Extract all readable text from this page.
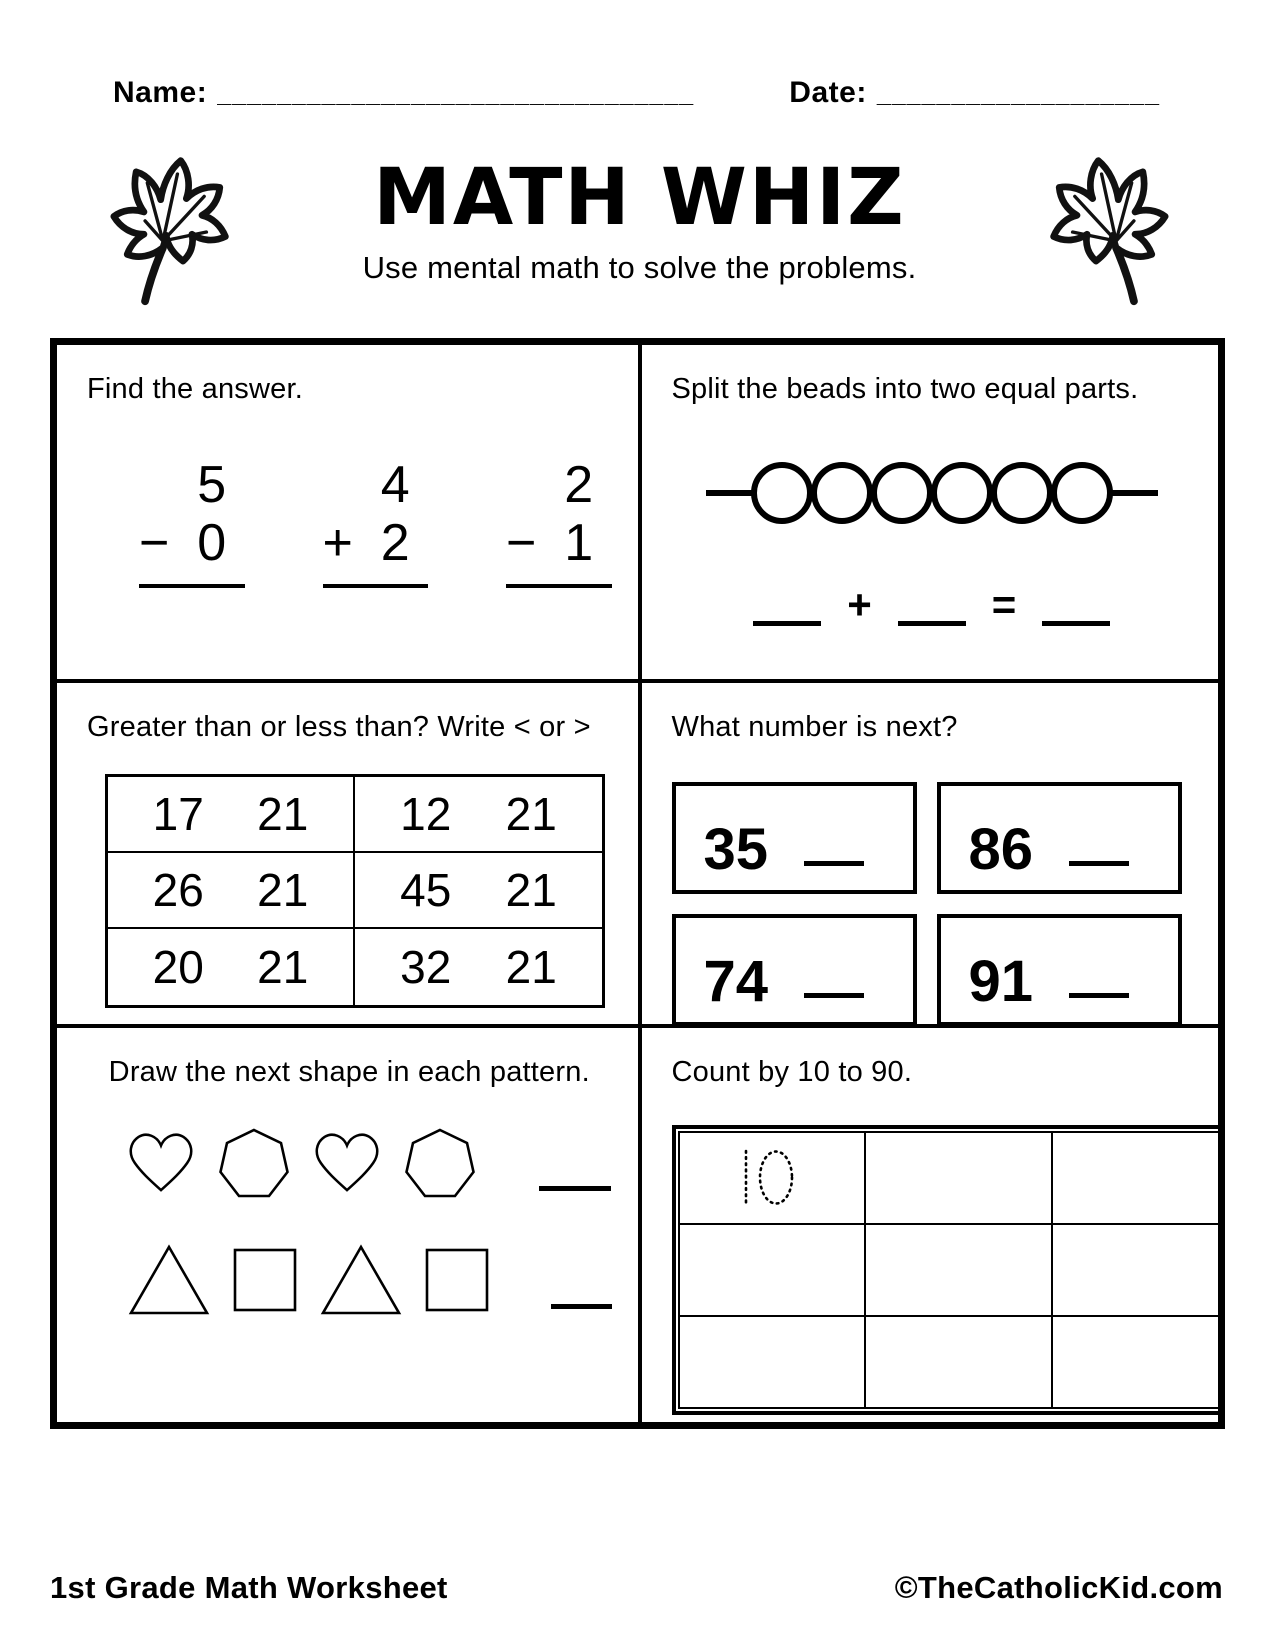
Name: ________________________________	Date: ___________________
MATH WHIZ
Use mental math to solve the problems.
Find the answer.
5
− 0
4
+ 2
2
− 1
Split the beads into two equal parts.
+	=
Greater than or less than? Write < or >
17 21 12 21
26 21 45 21
20 21 32 21
What number is next?
35	86
74	91
Draw the next shape in each pattern.	Count by 10 to 90.
1st Grade Math Worksheet	©TheCatholicKid.com
